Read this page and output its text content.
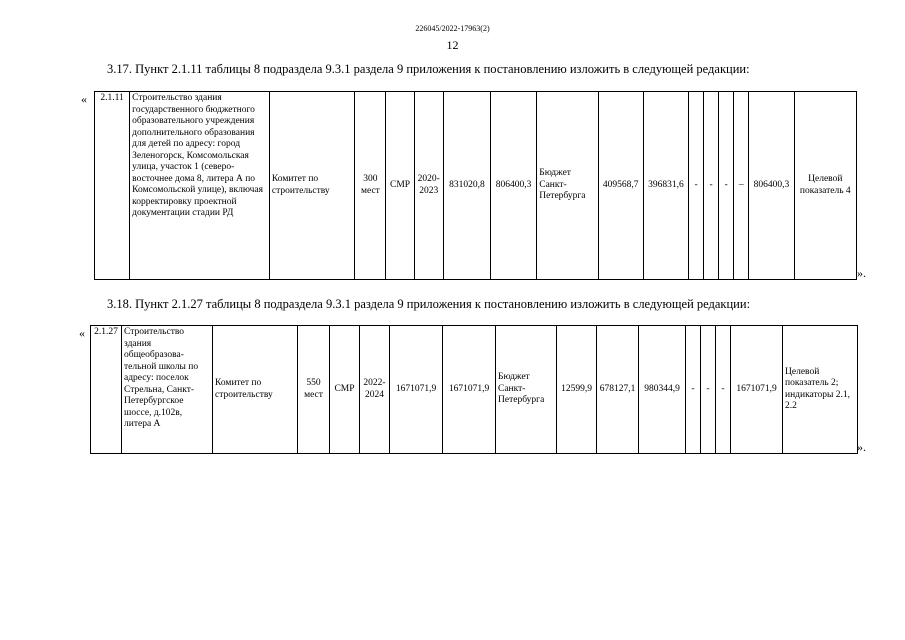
226045/2022-17963(2)
12
3.17. Пункт 2.1.11 таблицы 8 подраздела 9.3.1 раздела 9 приложения к постановлению изложить в следующей редакции:
« 2.1.11	Строительство здания государственного бюджетного образовательного учреждения дополнительного образования для детей по адресу: город Зеленогорск, Комсомольская улица, участок 1 (северо-восточнее дома 8, литера А по Комсомольской улице), включая корректировку проектной документации стадии РД	Комитет по строительству	300 мест	СМР	2020-2023	831020,8	806400,3	Бюджет Санкт-Петербурга	409568,7	396831,6	-	-	-	–	806400,3	Целевой показатель 4
».
3.18. Пункт 2.1.27 таблицы 8 подраздела 9.3.1 раздела 9 приложения к постановлению изложить в следующей редакции:
« 2.1.27	Строительство здания общеобразова-тельной школы по адресу: поселок Стрельна, Санкт-Петербургское шоссе, д.102в, литера А	Комитет по строительству	550 мест	СМР	2022-2024	1671071,9	1671071,9	Бюджет Санкт-Петербурга	12599,9	678127,1	980344,9	-	-	-	1671071,9	Целевой показатель 2; индикаторы 2.1, 2.2
».
